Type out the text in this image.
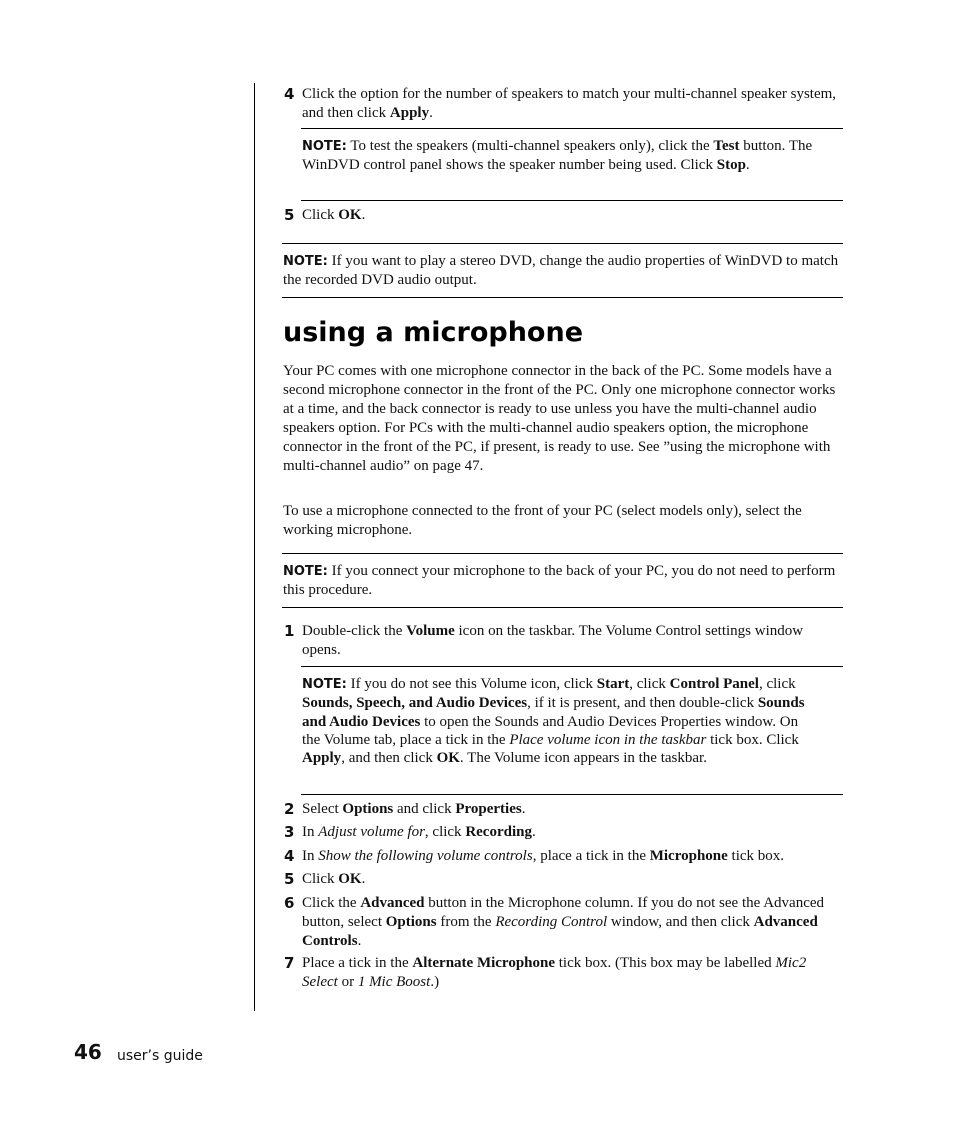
4 Click the option for the number of speakers to match your multi-channel speaker system, and then click Apply.

NOTE: To test the speakers (multi-channel speakers only), click the Test button. The WinDVD control panel shows the speaker number being used. Click Stop.

5 Click OK.

NOTE: If you want to play a stereo DVD, change the audio properties of WinDVD to match the recorded DVD audio output.

using a microphone

Your PC comes with one microphone connector in the back of the PC. Some models have a second microphone connector in the front of the PC. Only one microphone connector works at a time, and the back connector is ready to use unless you have the multi-channel audio speakers option. For PCs with the multi-channel audio speakers option, the microphone connector in the front of the PC, if present, is ready to use. See ”using the microphone with multi-channel audio” on page 47.

To use a microphone connected to the front of your PC (select models only), select the working microphone.

NOTE: If you connect your microphone to the back of your PC, you do not need to perform this procedure.

1 Double-click the Volume icon on the taskbar. The Volume Control settings window opens.

NOTE: If you do not see this Volume icon, click Start, click Control Panel, click Sounds, Speech, and Audio Devices, if it is present, and then double-click Sounds and Audio Devices to open the Sounds and Audio Devices Properties window. On the Volume tab, place a tick in the Place volume icon in the taskbar tick box. Click Apply, and then click OK. The Volume icon appears in the taskbar.

2 Select Options and click Properties.

3 In Adjust volume for, click Recording.

4 In Show the following volume controls, place a tick in the Microphone tick box.

5 Click OK.

6 Click the Advanced button in the Microphone column. If you do not see the Advanced button, select Options from the Recording Control window, and then click Advanced Controls.

7 Place a tick in the Alternate Microphone tick box. (This box may be labelled Mic2 Select or 1 Mic Boost.)

46 user’s guide
